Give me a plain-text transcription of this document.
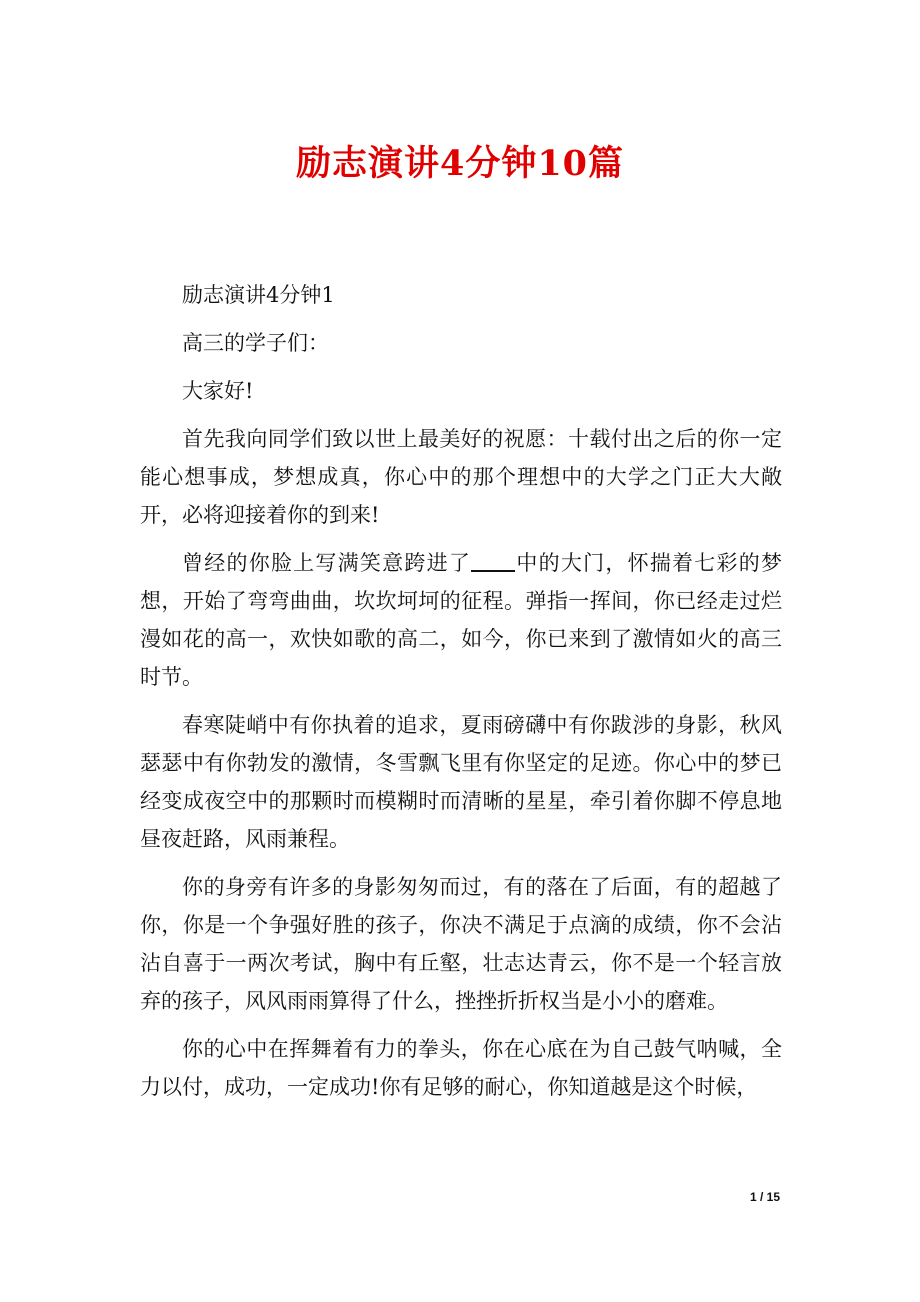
励志演讲4分钟10篇

励志演讲4分钟1

高三的学子们：

大家好!

首先我向同学们致以世上最美好的祝愿：十载付出之后的你一定能心想事成，梦想成真，你心中的那个理想中的大学之门正大大敞开，必将迎接着你的到来!

曾经的你脸上写满笑意跨进了 中的大门，怀揣着七彩的梦想，开始了弯弯曲曲，坎坎坷坷的征程。弹指一挥间，你已经走过烂漫如花的高一，欢快如歌的高二，如今，你已来到了激情如火的高三时节。

春寒陡峭中有你执着的追求，夏雨磅礴中有你跋涉的身影，秋风瑟瑟中有你勃发的激情，冬雪飘飞里有你坚定的足迹。你心中的梦已经变成夜空中的那颗时而模糊时而清晰的星星，牵引着你脚不停息地昼夜赶路，风雨兼程。

你的身旁有许多的身影匆匆而过，有的落在了后面，有的超越了你，你是一个争强好胜的孩子，你决不满足于点滴的成绩，你不会沾沾自喜于一两次考试，胸中有丘壑，壮志达青云，你不是一个轻言放弃的孩子，风风雨雨算得了什么，挫挫折折权当是小小的磨难。

你的心中在挥舞着有力的拳头，你在心底在为自己鼓气呐喊，全力以付，成功，一定成功!你有足够的耐心，你知道越是这个时候，

1 / 15
